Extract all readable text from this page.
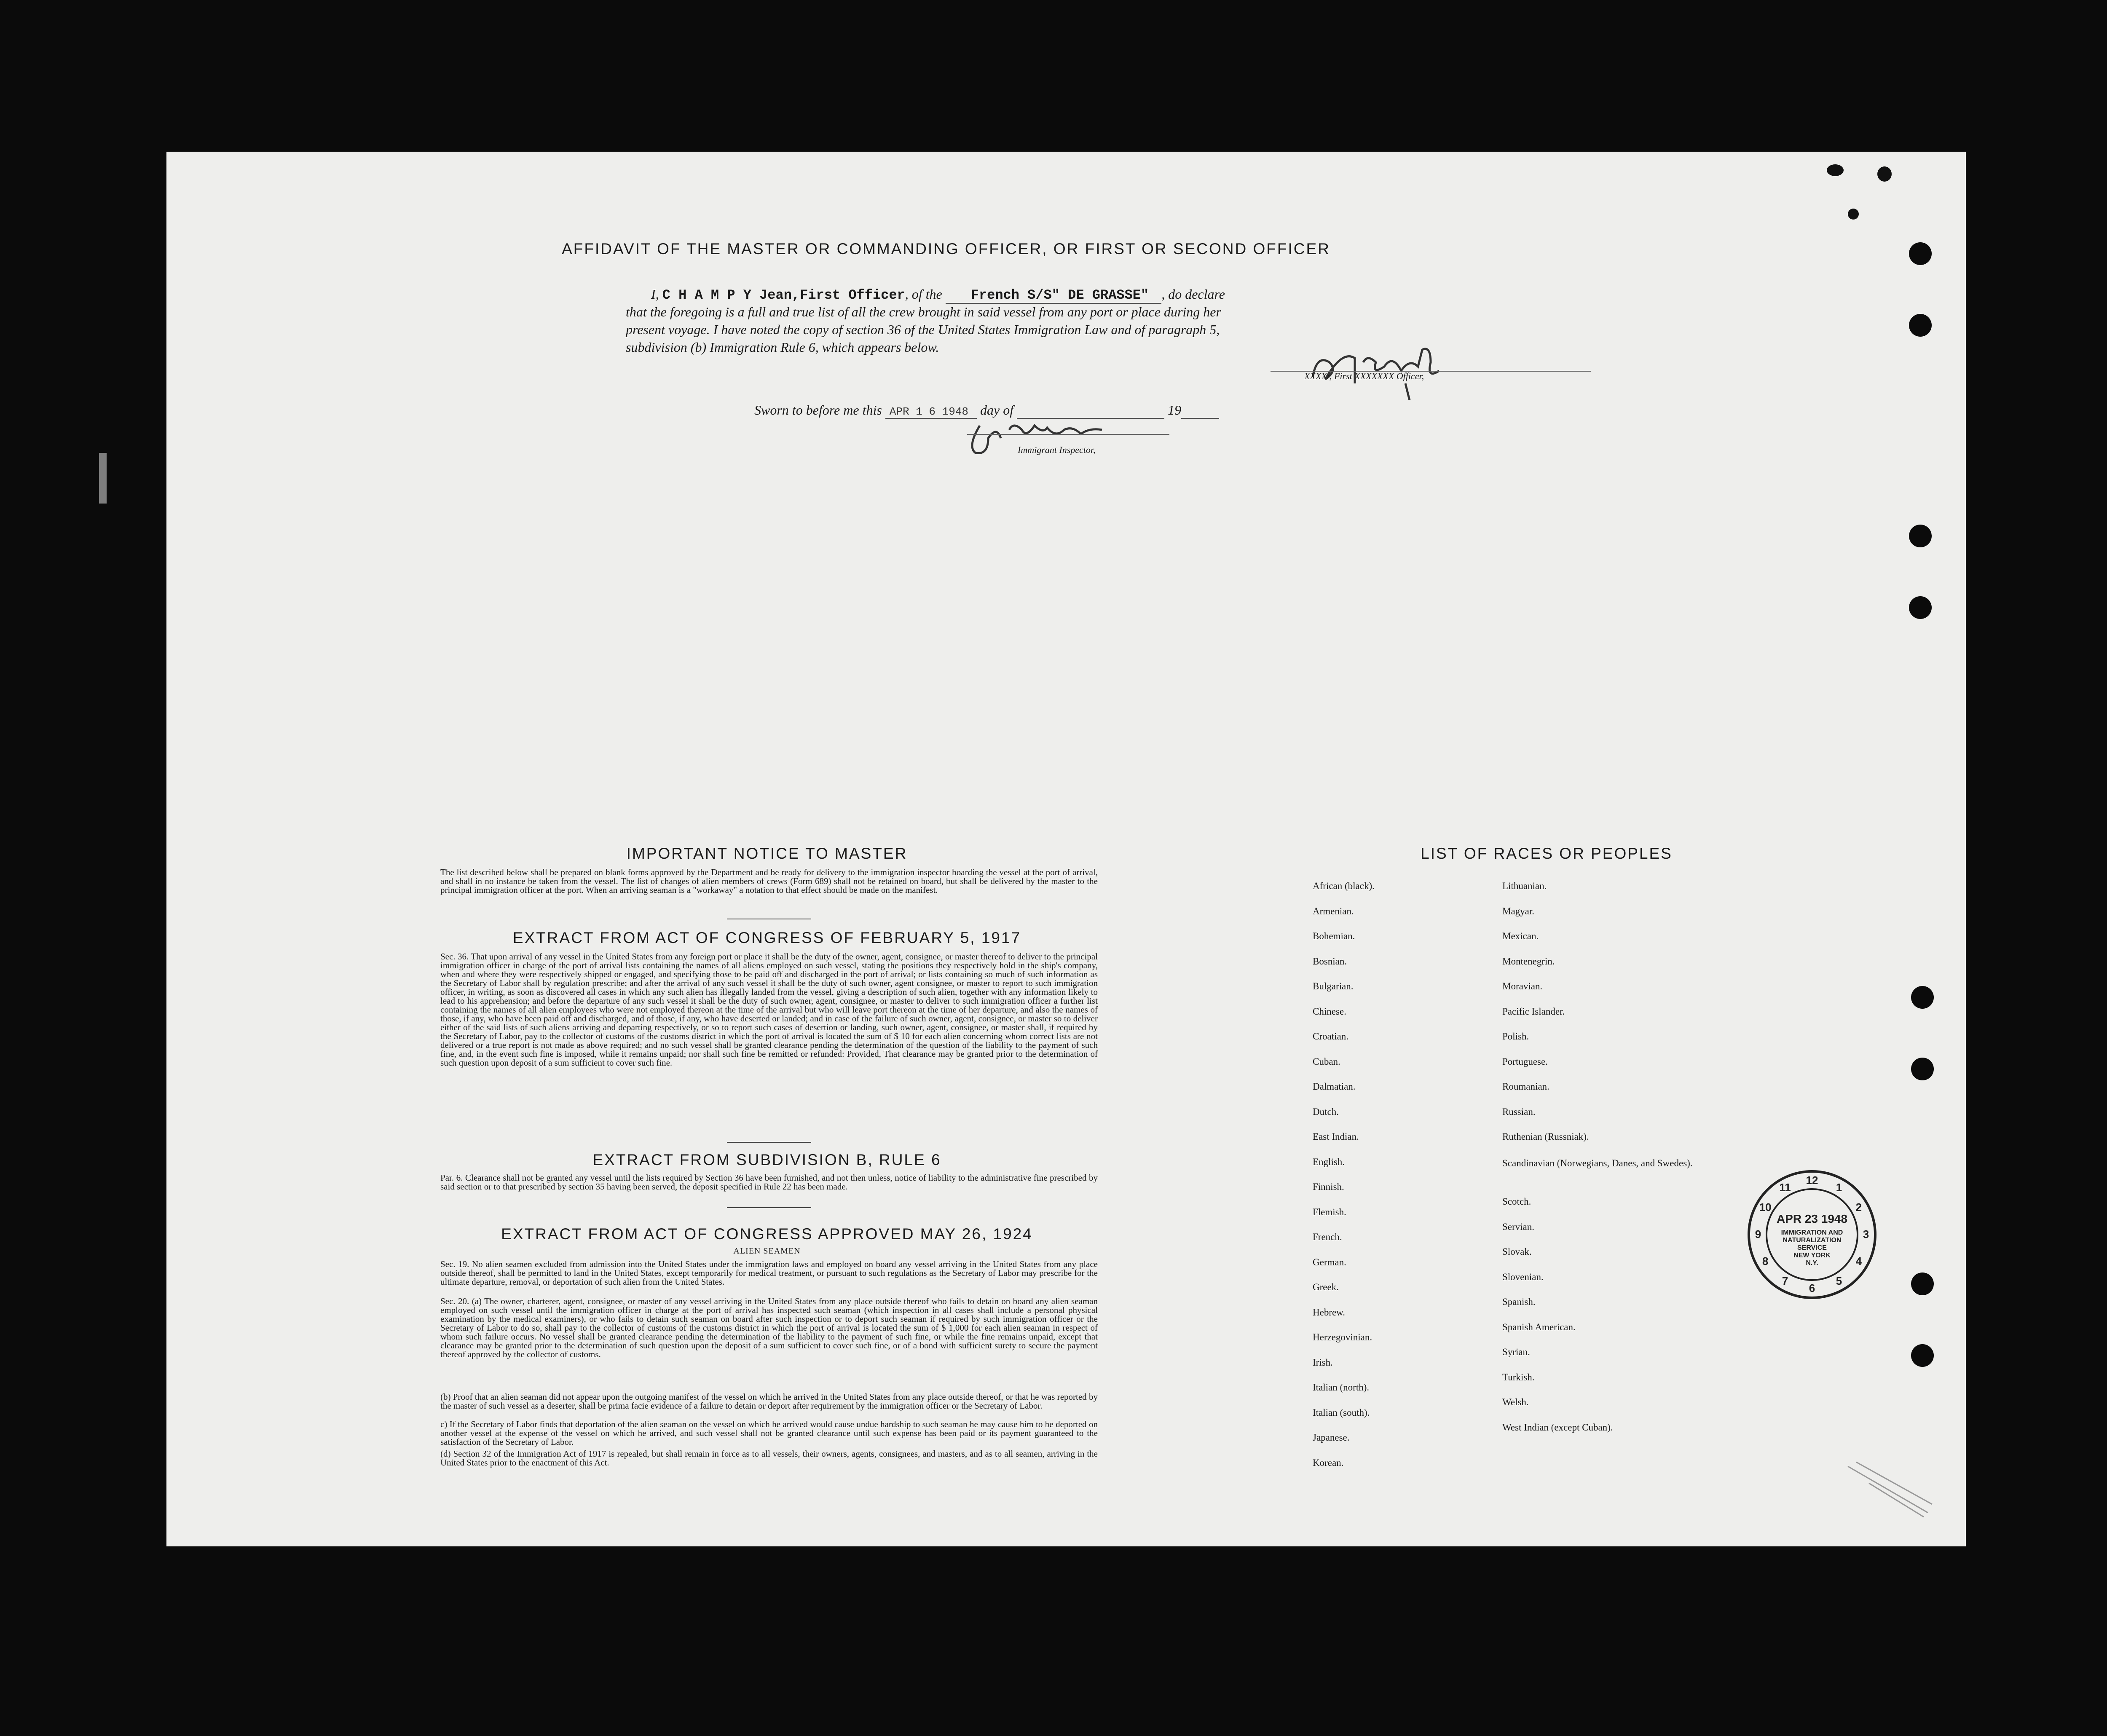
AFFIDAVIT OF THE MASTER OR COMMANDING OFFICER, OR FIRST OR SECOND OFFICER
I, C H A M P Y Jean,First Officer, of the French S/S" DE GRASSE" , do declare
that the foregoing is a full and true list of all the crew brought in said vessel from any port or place during her
present voyage. I have noted the copy of section 36 of the United States Immigration Law and of paragraph 5,
subdivision (b) Immigration Rule 6, which appears below.
XXXXr, First XXXXXXX Officer,
Sworn to before me this APR 1 6 1948 day of	19
Immigrant Inspector,
IMPORTANT NOTICE TO MASTER
The list described below shall be prepared on blank forms approved by the Department and be ready for delivery to the immigration inspector boarding the vessel at the port of arrival, and shall in no instance be taken from the vessel. The list of changes of alien members of crews (Form 689) shall not be retained on board, but shall be delivered by the master to the principal immigration officer at the port. When an arriving seaman is a "workaway" a notation to that effect should be made on the manifest.
EXTRACT FROM ACT OF CONGRESS OF FEBRUARY 5, 1917
Sec. 36. That upon arrival of any vessel in the United States from any foreign port or place it shall be the duty of the owner, agent, consignee, or master thereof to deliver to the principal immigration officer in charge of the port of arrival lists containing the names of all aliens employed on such vessel, stating the positions they respectively hold in the ship's company, when and where they were respectively shipped or engaged, and specifying those to be paid off and discharged in the port of arrival; or lists containing so much of such information as the Secretary of Labor shall by regulation prescribe; and after the arrival of any such vessel it shall be the duty of such owner, agent consignee, or master to report to such immigration officer, in writing, as soon as discovered all cases in which any such alien has illegally landed from the vessel, giving a description of such alien, together with any information likely to lead to his apprehension; and before the departure of any such vessel it shall be the duty of such owner, agent, consignee, or master to deliver to such immigration officer a further list containing the names of all alien employees who were not employed thereon at the time of the arrival but who will leave port thereon at the time of her departure, and also the names of those, if any, who have been paid off and discharged, and of those, if any, who have deserted or landed; and in case of the failure of such owner, agent, consignee, or master so to deliver either of the said lists of such aliens arriving and departing respectively, or so to report such cases of desertion or landing, such owner, agent, consignee, or master shall, if required by the Secretary of Labor, pay to the collector of customs of the customs district in which the port of arrival is located the sum of $ 10 for each alien concerning whom correct lists are not delivered or a true report is not made as above required; and no such vessel shall be granted clearance pending the determination of the question of the liability to the payment of such fine, and, in the event such fine is imposed, while it remains unpaid; nor shall such fine be remitted or refunded: Provided, That clearance may be granted prior to the determination of such question upon deposit of a sum sufficient to cover such fine.
EXTRACT FROM SUBDIVISION B, RULE 6
Par. 6. Clearance shall not be granted any vessel until the lists required by Section 36 have been furnished, and not then unless, notice of liability to the administrative fine prescribed by said section or to that prescribed by section 35 having been served, the deposit specified in Rule 22 has been made.
EXTRACT FROM ACT OF CONGRESS APPROVED MAY 26, 1924
ALIEN SEAMEN
Sec. 19. No alien seamen excluded from admission into the United States under the immigration laws and employed on board any vessel arriving in the United States from any place outside thereof, shall be permitted to land in the United States, except temporarily for medical treatment, or pursuant to such regulations as the Secretary of Labor may prescribe for the ultimate departure, removal, or deportation of such alien from the United States.
Sec. 20. (a) The owner, charterer, agent, consignee, or master of any vessel arriving in the United States from any place outside thereof who fails to detain on board any alien seaman employed on such vessel until the immigration officer in charge at the port of arrival has inspected such seaman (which inspection in all cases shall include a personal physical examination by the medical examiners), or who fails to detain such seaman on board after such inspection or to deport such seaman if required by such immigration officer or the Secretary of Labor to do so, shall pay to the collector of customs of the customs district in which the port of arrival is located the sum of $ 1,000 for each alien seaman in respect of whom such failure occurs. No vessel shall be granted clearance pending the determination of the liability to the payment of such fine, or while the fine remains unpaid, except that clearance may be granted prior to the determination of such question upon the deposit of a sum sufficient to cover such fine, or of a bond with sufficient surety to secure the payment thereof approved by the collector of customs.
(b) Proof that an alien seaman did not appear upon the outgoing manifest of the vessel on which he arrived in the United States from any place outside thereof, or that he was reported by the master of such vessel as a deserter, shall be prima facie evidence of a failure to detain or deport after requirement by the immigration officer or the Secretary of Labor.
c) If the Secretary of Labor finds that deportation of the alien seaman on the vessel on which he arrived would cause undue hardship to such seaman he may cause him to be deported on another vessel at the expense of the vessel on which he arrived, and such vessel shall not be granted clearance until such expense has been paid or its payment guaranteed to the satisfaction of the Secretary of Labor.
(d) Section 32 of the Immigration Act of 1917 is repealed, but shall remain in force as to all vessels, their owners, agents, consignees, and masters, and as to all seamen, arriving in the United States prior to the enactment of this Act.
LIST OF RACES OR PEOPLES
African (black).
Armenian.
Bohemian.
Bosnian.
Bulgarian.
Chinese.
Croatian.
Cuban.
Dalmatian.
Dutch.
East Indian.
English.
Finnish.
Flemish.
French.
German.
Greek.
Hebrew.
Herzegovinian.
Irish.
Italian (north).
Italian (south).
Japanese.
Korean.
Lithuanian.
Magyar.
Mexican.
Montenegrin.
Moravian.
Pacific Islander.
Polish.
Portuguese.
Roumanian.
Russian.
Ruthenian (Russniak).
Scandinavian (Norwegians, Danes, and Swedes).
Scotch.
Servian.
Slovak.
Slovenian.
Spanish.
Spanish American.
Syrian.
Turkish.
Welsh.
West Indian (except Cuban).
10
11
12
1
2
3
4
5
6
7
8
9
APR 23 1948
IMMIGRATION AND
NATURALIZATION
SERVICE
NEW YORK
N.Y.
